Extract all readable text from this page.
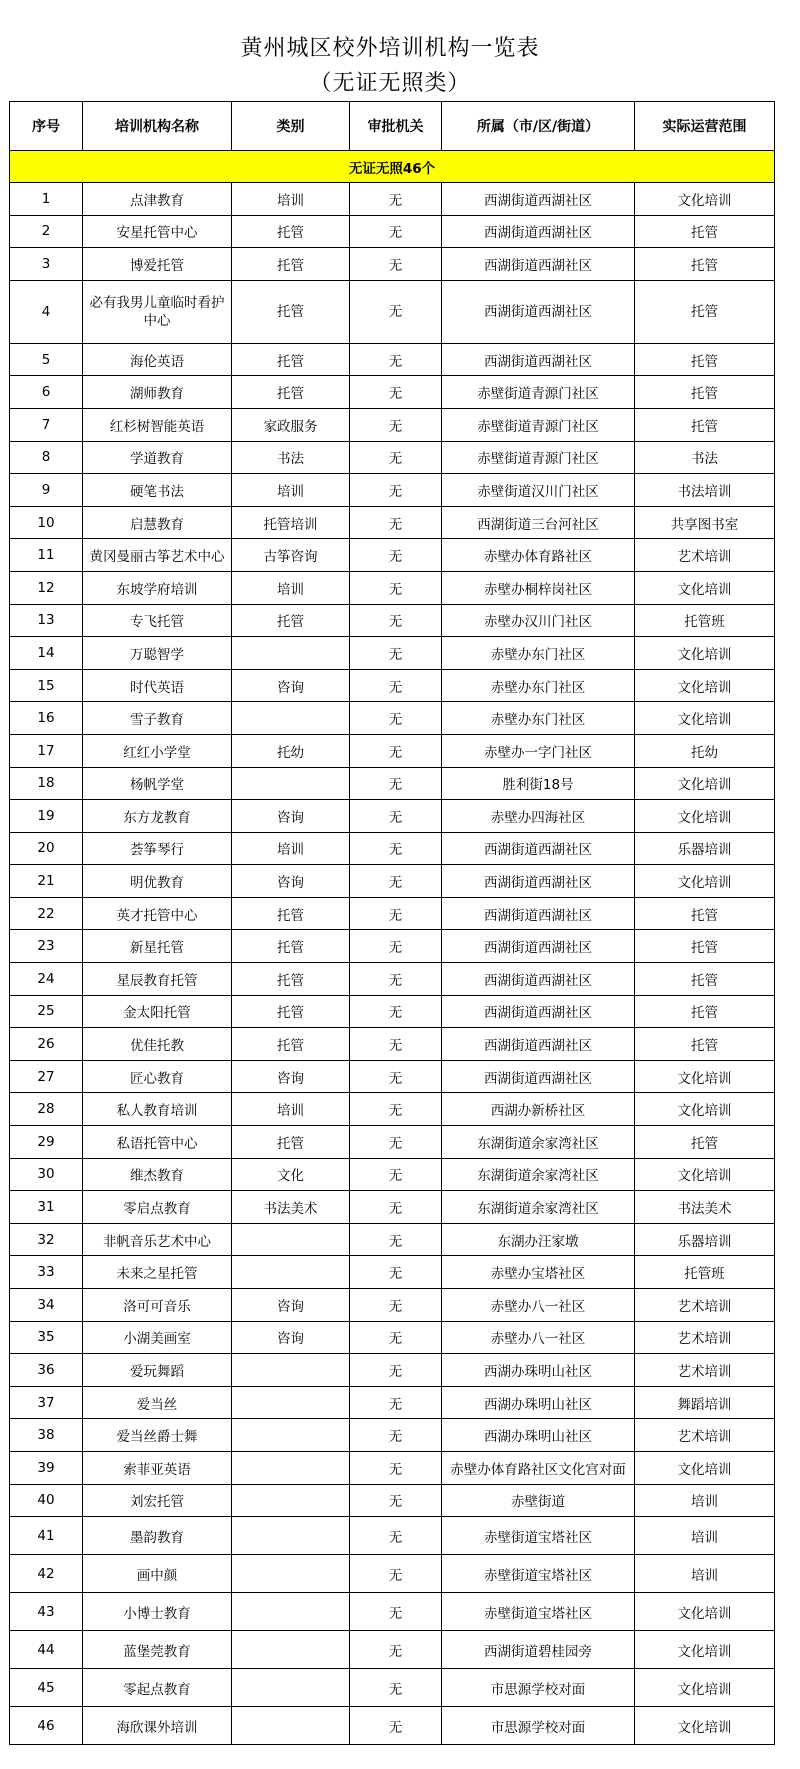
黄州城区校外培训机构一览表
（无证无照类）
序号	培训机构名称	类别	审批机关	所属（市/区/街道）	实际运营范围
无证无照46个					
1	点津教育	培训	无	西湖街道西湖社区	文化培训
2	安星托管中心	托管	无	西湖街道西湖社区	托管
3	博爱托管	托管	无	西湖街道西湖社区	托管
4	必有我男儿童临时看护中心	托管	无	西湖街道西湖社区	托管
5	海伦英语	托管	无	西湖街道西湖社区	托管
6	湖师教育	托管	无	赤壁街道青源门社区	托管
7	红杉树智能英语	家政服务	无	赤壁街道青源门社区	托管
8	学道教育	书法	无	赤壁街道青源门社区	书法
9	硬笔书法	培训	无	赤壁街道汉川门社区	书法培训
10	启慧教育	托管培训	无	西湖街道三台河社区	共享图书室
11	黄冈曼丽古筝艺术中心	古筝咨询	无	赤壁办体育路社区	艺术培训
12	东坡学府培训	培训	无	赤壁办桐梓岗社区	文化培训
13	专飞托管	托管	无	赤壁办汉川门社区	托管班
14	万聪智学		无	赤壁办东门社区	文化培训
15	时代英语	咨询	无	赤壁办东门社区	文化培训
16	雪子教育		无	赤壁办东门社区	文化培训
17	红红小学堂	托幼	无	赤壁办一字门社区	托幼
18	杨帆学堂		无	胜利街18号	文化培训
19	东方龙教育	咨询	无	赤壁办四海社区	文化培训
20	荟筝琴行	培训	无	西湖街道西湖社区	乐器培训
21	明优教育	咨询	无	西湖街道西湖社区	文化培训
22	英才托管中心	托管	无	西湖街道西湖社区	托管
23	新星托管	托管	无	西湖街道西湖社区	托管
24	星辰教育托管	托管	无	西湖街道西湖社区	托管
25	金太阳托管	托管	无	西湖街道西湖社区	托管
26	优佳托教	托管	无	西湖街道西湖社区	托管
27	匠心教育	咨询	无	西湖街道西湖社区	文化培训
28	私人教育培训	培训	无	西湖办新桥社区	文化培训
29	私语托管中心	托管	无	东湖街道余家湾社区	托管
30	维杰教育	文化	无	东湖街道余家湾社区	文化培训
31	零启点教育	书法美术	无	东湖街道余家湾社区	书法美术
32	非帆音乐艺术中心		无	东湖办汪家墩	乐器培训
33	未来之星托管		无	赤壁办宝塔社区	托管班
34	洛可可音乐	咨询	无	赤壁办八一社区	艺术培训
35	小湖美画室	咨询	无	赤壁办八一社区	艺术培训
36	爱玩舞蹈		无	西湖办珠明山社区	艺术培训
37	爱当丝		无	西湖办珠明山社区	舞蹈培训
38	爱当丝爵士舞		无	西湖办珠明山社区	艺术培训
39	索菲亚英语		无	赤壁办体育路社区文化宫对面	文化培训
40	刘宏托管		无	赤壁街道	培训
41	墨韵教育		无	赤壁街道宝塔社区	培训
42	画中颜		无	赤壁街道宝塔社区	培训
43	小博士教育		无	赤壁街道宝塔社区	文化培训
44	蓝堡莞教育		无	西湖街道碧桂园旁	文化培训
45	零起点教育		无	市思源学校对面	文化培训
46	海欣课外培训		无	市思源学校对面	文化培训
